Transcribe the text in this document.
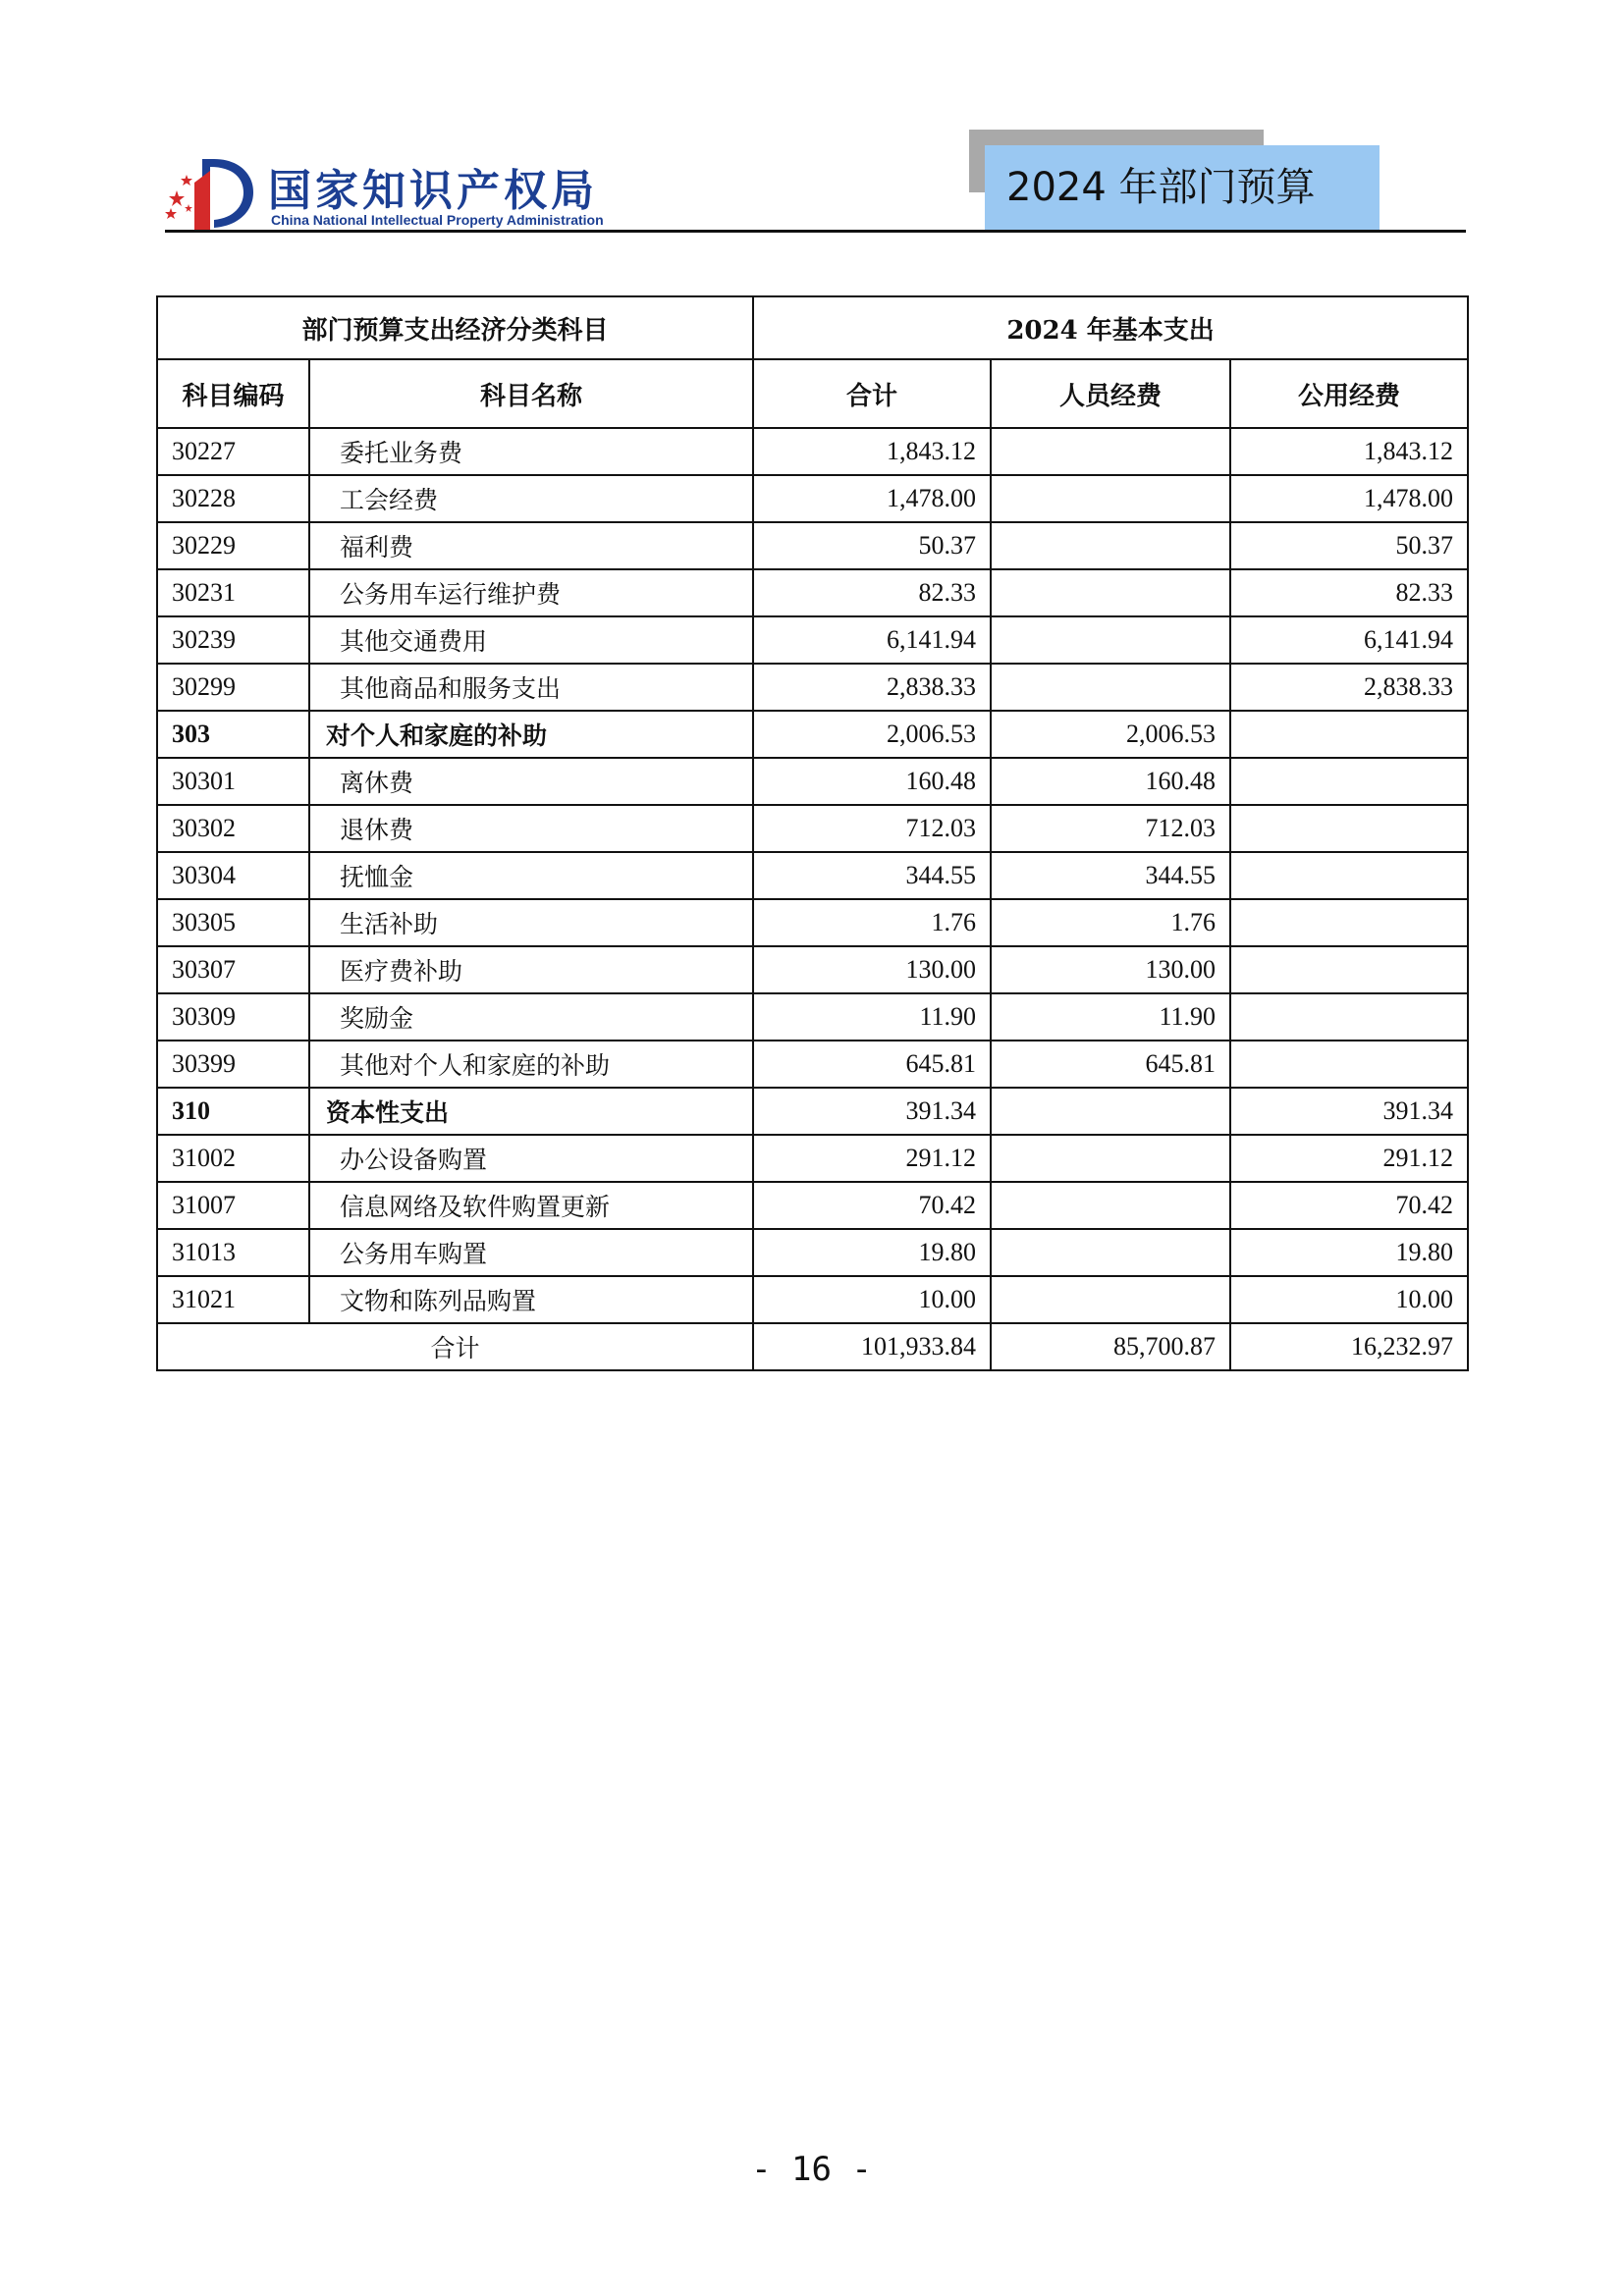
国家知识产权局
China National Intellectual Property Administration
2024 年部门预算
部门预算支出经济分类科目		2024 年基本支出		
科目编码	科目名称	合计	人员经费	公用经费
30227	委托业务费	1,843.12		1,843.12
30228	工会经费	1,478.00		1,478.00
30229	福利费	50.37		50.37
30231	公务用车运行维护费	82.33		82.33
30239	其他交通费用	6,141.94		6,141.94
30299	其他商品和服务支出	2,838.33		2,838.33
303	对个人和家庭的补助	2,006.53	2,006.53	
30301	离休费	160.48	160.48	
30302	退休费	712.03	712.03	
30304	抚恤金	344.55	344.55	
30305	生活补助	1.76	1.76	
30307	医疗费补助	130.00	130.00	
30309	奖励金	11.90	11.90	
30399	其他对个人和家庭的补助	645.81	645.81	
310	资本性支出	391.34		391.34
31002	办公设备购置	291.12		291.12
31007	信息网络及软件购置更新	70.42		70.42
31013	公务用车购置	19.80		19.80
31021	文物和陈列品购置	10.00		10.00
合计		101,933.84	85,700.87	16,232.97
- 16 -
